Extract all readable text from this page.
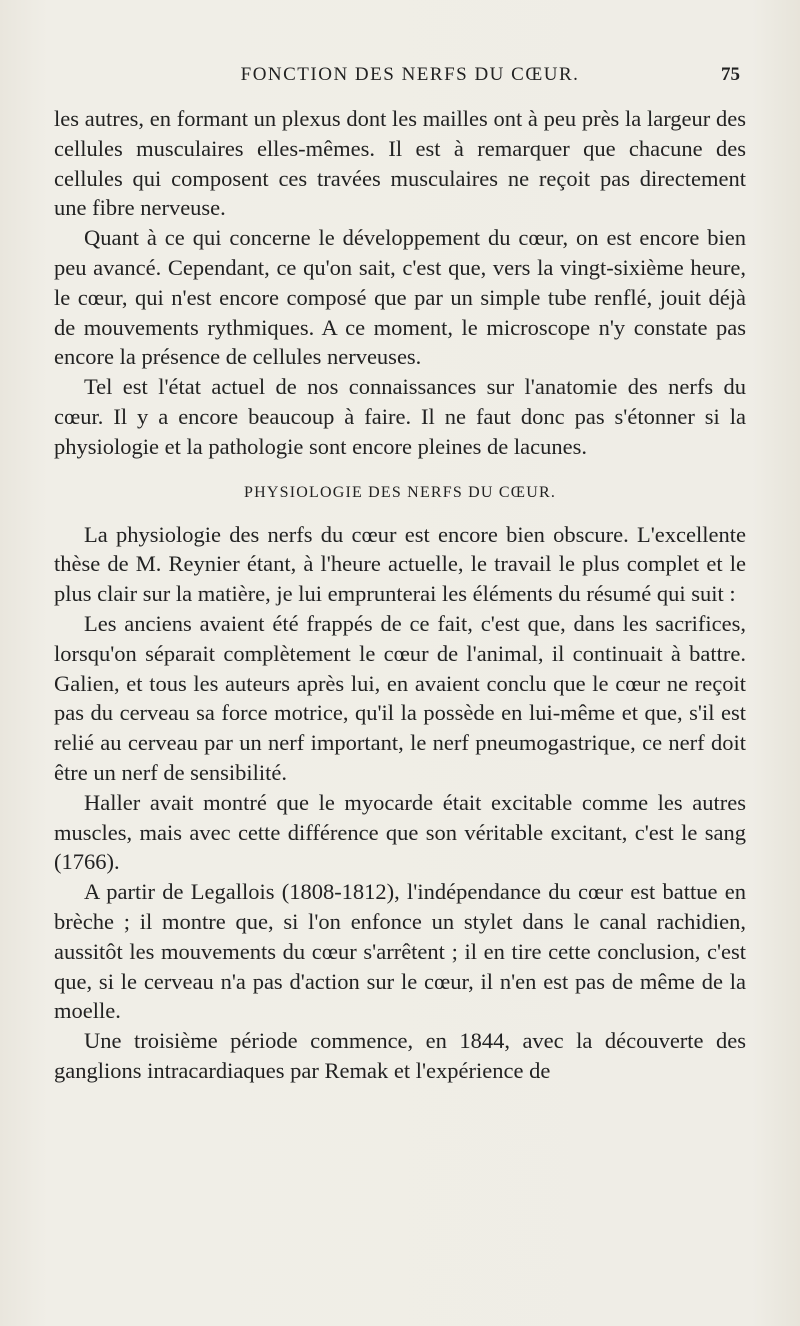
FONCTION DES NERFS DU CŒUR.	75

les autres, en formant un plexus dont les mailles ont à peu près la largeur des cellules musculaires elles-mêmes. Il est à remarquer que chacune des cellules qui composent ces travées musculaires ne reçoit pas directement une fibre nerveuse.

Quant à ce qui concerne le développement du cœur, on est encore bien peu avancé. Cependant, ce qu'on sait, c'est que, vers la vingt-sixième heure, le cœur, qui n'est encore composé que par un simple tube renflé, jouit déjà de mouvements rythmiques. A ce moment, le microscope n'y constate pas encore la présence de cellules nerveuses.

Tel est l'état actuel de nos connaissances sur l'anatomie des nerfs du cœur. Il y a encore beaucoup à faire. Il ne faut donc pas s'étonner si la physiologie et la pathologie sont encore pleines de lacunes.

PHYSIOLOGIE DES NERFS DU CŒUR.

La physiologie des nerfs du cœur est encore bien obscure. L'excellente thèse de M. Reynier étant, à l'heure actuelle, le travail le plus complet et le plus clair sur la matière, je lui emprunterai les éléments du résumé qui suit :

Les anciens avaient été frappés de ce fait, c'est que, dans les sacrifices, lorsqu'on séparait complètement le cœur de l'animal, il continuait à battre. Galien, et tous les auteurs après lui, en avaient conclu que le cœur ne reçoit pas du cerveau sa force motrice, qu'il la possède en lui-même et que, s'il est relié au cerveau par un nerf important, le nerf pneumogastrique, ce nerf doit être un nerf de sensibilité.

Haller avait montré que le myocarde était excitable comme les autres muscles, mais avec cette différence que son véritable excitant, c'est le sang (1766).

A partir de Legallois (1808-1812), l'indépendance du cœur est battue en brèche ; il montre que, si l'on enfonce un stylet dans le canal rachidien, aussitôt les mouvements du cœur s'arrêtent ; il en tire cette conclusion, c'est que, si le cerveau n'a pas d'action sur le cœur, il n'en est pas de même de la moelle.

Une troisième période commence, en 1844, avec la découverte des ganglions intracardiaques par Remak et l'expérience de
